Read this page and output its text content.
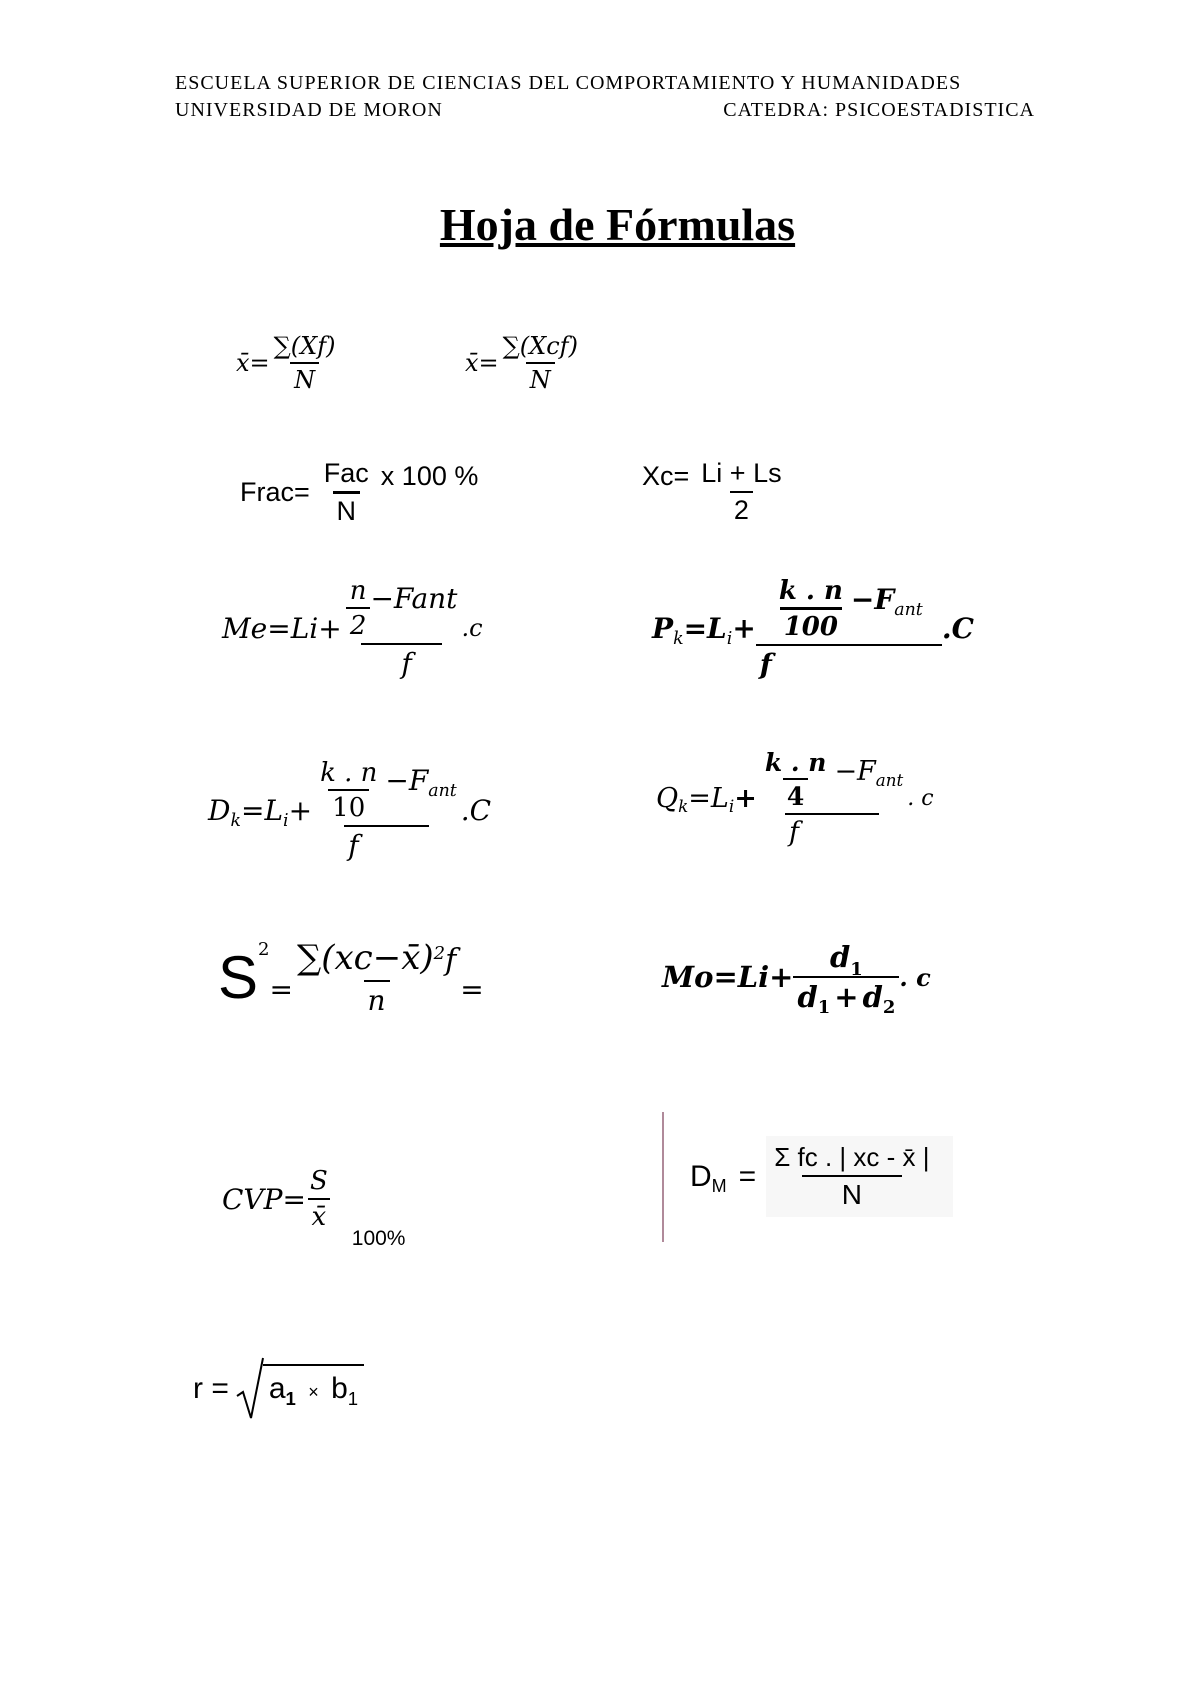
ESCUELA SUPERIOR DE CIENCIAS DEL COMPORTAMIENTO Y HUMANIDADES
UNIVERSIDAD DE MORON	CATEDRA: PSICOESTADISTICA
Hoja de Fórmulas
x̄= $\frac{\sum(Xf)}{N}$	x̄= $\frac{\text{∑(Xcf)}}{N}$
Frac= $\frac{\text{Fac}}{N}$ x 100 %	$Xc= \frac{Li + Ls}{2}$
$Me=Li+ \frac{\frac{n}{2} -Fant}{f} .c$	$P_k =L_i + \frac{\frac{k . n}{100} -F_{ant}}{f} .C$
$D_k =L_i + \frac{\frac{k . n}{10} -F_{ant}}{f} .C$	$Q_k =L_i + \frac{\frac{k . n}{4} -F_{ant}}{f}$ . c
S 2
= $\frac{\sum(xc-x̄) 2 f}{n}$ =	$Mo=Li+ \frac{d 1}{d_1 + d_2}$ . c
$CVP= \frac{S}{x̄}$
100%
$D_M = \frac{\text{Σ fc . | xc - x̄ |}}{N}$
$r = a_1 \times b_1$
